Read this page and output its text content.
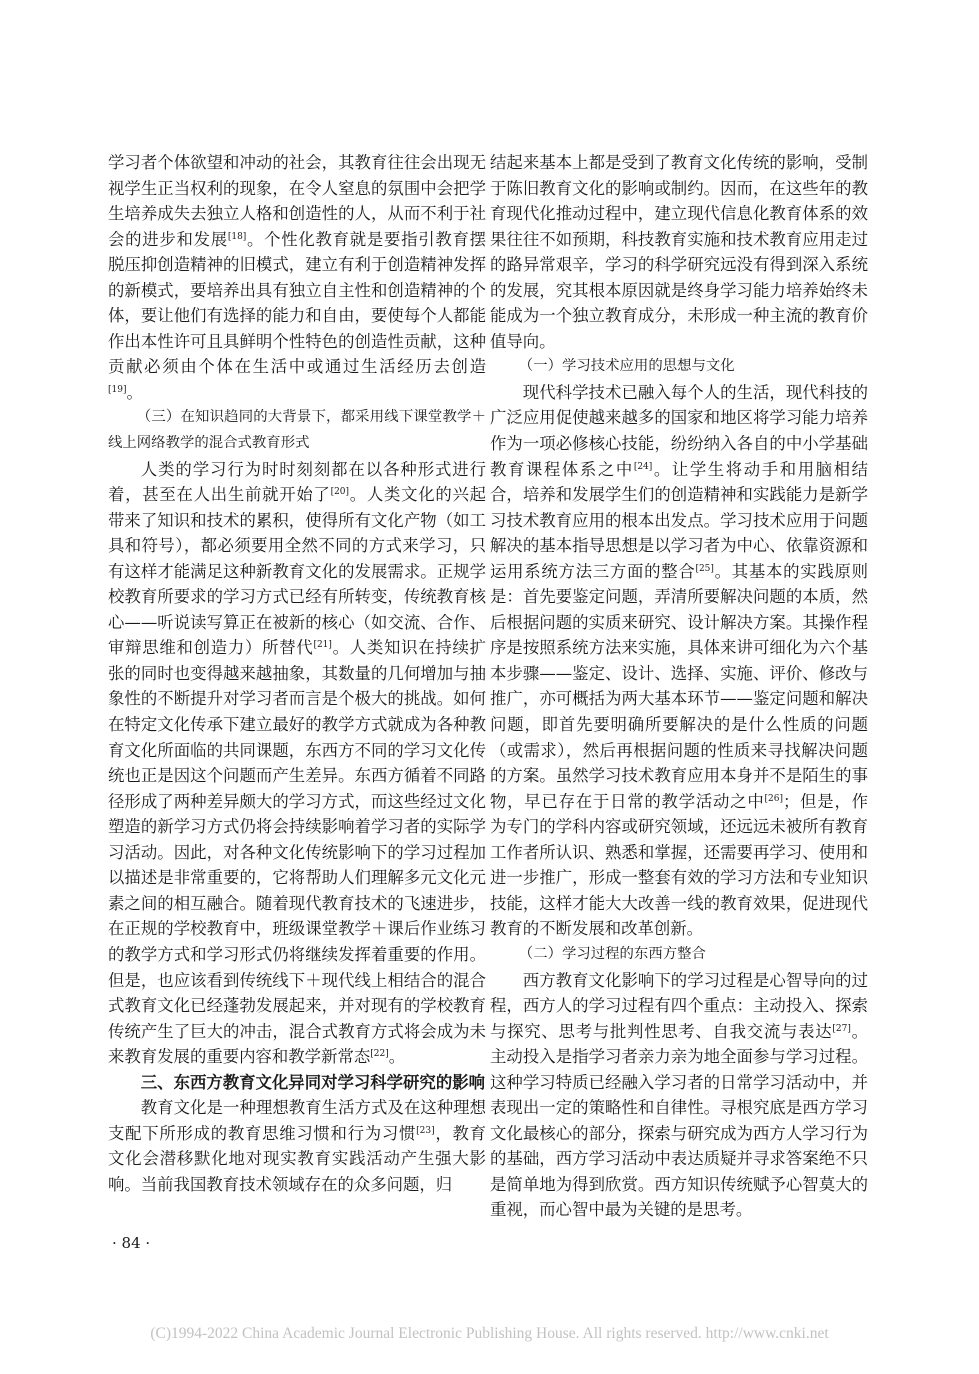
学习者个体欲望和冲动的社会，其教育往往会出现无视学生正当权利的现象，在令人窒息的氛围中会把学生培养成失去独立人格和创造性的人，从而不利于社会的进步和发展[18]。个性化教育就是要指引教育摆脱压抑创造精神的旧模式，建立有利于创造精神发挥的新模式，要培养出具有独立自主性和创造精神的个体，要让他们有选择的能力和自由，要使每个人都能作出本性许可且具鲜明个性特色的创造性贡献，这种贡献必须由个体在生活中或通过生活经历去创造[19]。

（三）在知识趋同的大背景下，都采用线下课堂教学＋线上网络教学的混合式教育形式

人类的学习行为时时刻刻都在以各种形式进行着，甚至在人出生前就开始了[20]。人类文化的兴起带来了知识和技术的累积，使得所有文化产物（如工具和符号），都必须要用全然不同的方式来学习，只有这样才能满足这种新教育文化的发展需求。正规学校教育所要求的学习方式已经有所转变，传统教育核心——听说读写算正在被新的核心（如交流、合作、审辩思维和创造力）所替代[21]。人类知识在持续扩张的同时也变得越来越抽象，其数量的几何增加与抽象性的不断提升对学习者而言是个极大的挑战。如何在特定文化传承下建立最好的教学方式就成为各种教育文化所面临的共同课题，东西方不同的学习文化传统也正是因这个问题而产生差异。东西方循着不同路径形成了两种差异颇大的学习方式，而这些经过文化塑造的新学习方式仍将会持续影响着学习者的实际学习活动。因此，对各种文化传统影响下的学习过程加以描述是非常重要的，它将帮助人们理解多元文化元素之间的相互融合。随着现代教育技术的飞速进步，在正规的学校教育中，班级课堂教学＋课后作业练习的教学方式和学习形式仍将继续发挥着重要的作用。但是，也应该看到传统线下＋现代线上相结合的混合式教育文化已经蓬勃发展起来，并对现有的学校教育传统产生了巨大的冲击，混合式教育方式将会成为未来教育发展的重要内容和教学新常态[22]。

三、东西方教育文化异同对学习科学研究的影响

教育文化是一种理想教育生活方式及在这种理想支配下所形成的教育思维习惯和行为习惯[23]，教育文化会潜移默化地对现实教育实践活动产生强大影响。当前我国教育技术领域存在的众多问题，归

结起来基本上都是受到了教育文化传统的影响，受制于陈旧教育文化的影响或制约。因而，在这些年的教育现代化推动过程中，建立现代信息化教育体系的效果往往不如预期，科技教育实施和技术教育应用走过的路异常艰辛，学习的科学研究远没有得到深入系统的发展，究其根本原因就是终身学习能力培养始终未能成为一个独立教育成分，未形成一种主流的教育价值导向。

（一）学习技术应用的思想与文化

现代科学技术已融入每个人的生活，现代科技的广泛应用促使越来越多的国家和地区将学习能力培养作为一项必修核心技能，纷纷纳入各自的中小学基础教育课程体系之中[24]。让学生将动手和用脑相结合，培养和发展学生们的创造精神和实践能力是新学习技术教育应用的根本出发点。学习技术应用于问题解决的基本指导思想是以学习者为中心、依靠资源和运用系统方法三方面的整合[25]。其基本的实践原则是：首先要鉴定问题，弄清所要解决问题的本质，然后根据问题的实质来研究、设计解决方案。其操作程序是按照系统方法来实施，具体来讲可细化为六个基本步骤——鉴定、设计、选择、实施、评价、修改与推广，亦可概括为两大基本环节——鉴定问题和解决问题，即首先要明确所要解决的是什么性质的问题（或需求），然后再根据问题的性质来寻找解决问题的方案。虽然学习技术教育应用本身并不是陌生的事物，早已存在于日常的教学活动之中[26]；但是，作为专门的学科内容或研究领域，还远远未被所有教育工作者所认识、熟悉和掌握，还需要再学习、使用和进一步推广，形成一整套有效的学习方法和专业知识技能，这样才能大大改善一线的教育效果，促进现代教育的不断发展和改革创新。

（二）学习过程的东西方整合

西方教育文化影响下的学习过程是心智导向的过程，西方人的学习过程有四个重点：主动投入、探索与探究、思考与批判性思考、自我交流与表达[27]。主动投入是指学习者亲力亲为地全面参与学习过程。这种学习特质已经融入学习者的日常学习活动中，并表现出一定的策略性和自律性。寻根究底是西方学习文化最核心的部分，探索与研究成为西方人学习行为的基础，西方学习活动中表达质疑并寻求答案绝不只是简单地为得到欣赏。西方知识传统赋予心智莫大的重视，而心智中最为关键的是思考。

· 84 ·
(C)1994-2022 China Academic Journal Electronic Publishing House. All rights reserved. http://www.cnki.net
